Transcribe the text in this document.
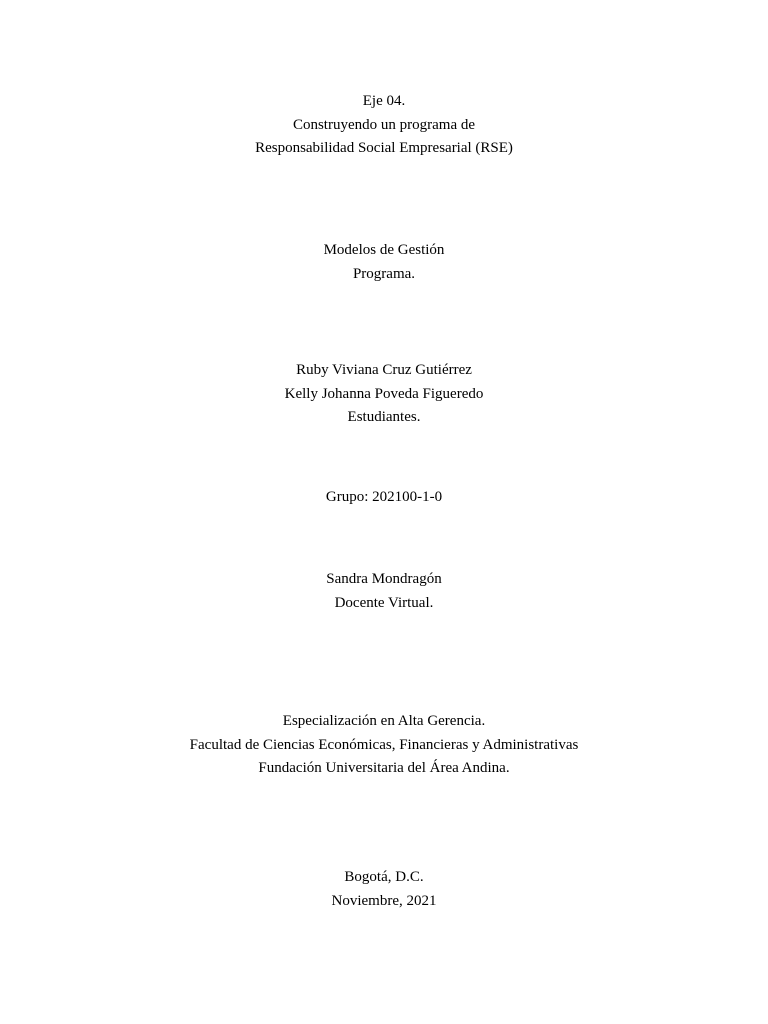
Eje 04.
Construyendo un programa de
Responsabilidad Social Empresarial (RSE)
Modelos de Gestión
Programa.
Ruby Viviana Cruz Gutiérrez
Kelly Johanna Poveda Figueredo
Estudiantes.
Grupo: 202100-1-0
Sandra Mondragón
Docente Virtual.
Especialización en Alta Gerencia.
Facultad de Ciencias Económicas, Financieras y Administrativas
Fundación Universitaria del Área Andina.
Bogotá, D.C.
Noviembre, 2021
